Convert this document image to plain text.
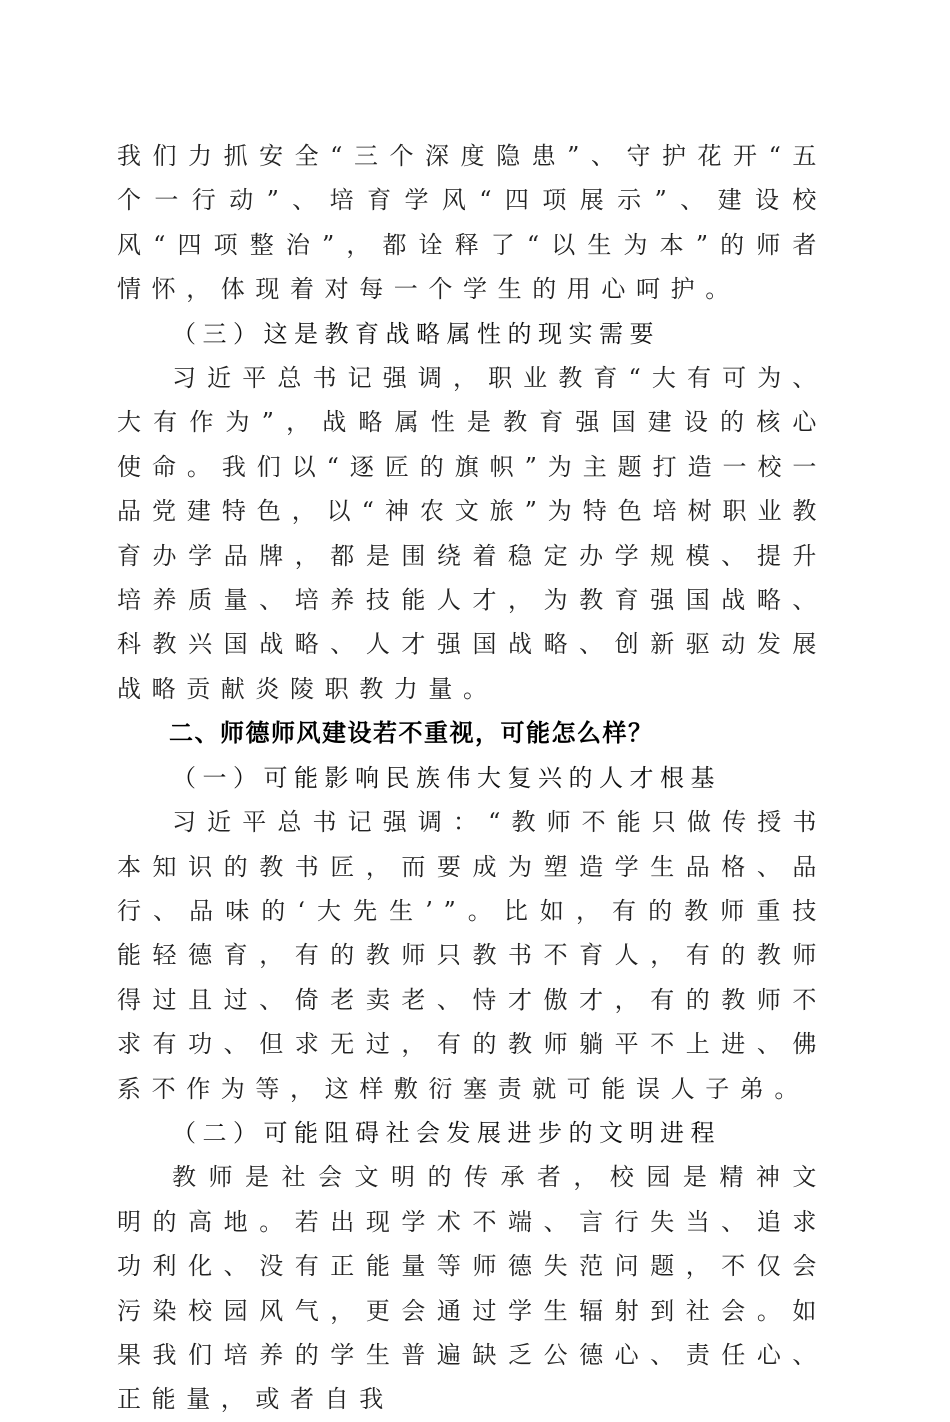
我们力抓安全“三个深度隐患”、守护花开“五个一行动”、培育学风“四项展示”、建设校风“四项整治”，都诠释了“以生为本”的师者情怀，体现着对每一个学生的用心呵护。

（三）这是教育战略属性的现实需要

习近平总书记强调，职业教育“大有可为、大有作为”，战略属性是教育强国建设的核心使命。我们以“逐匠的旗帜”为主题打造一校一品党建特色，以“神农文旅”为特色培树职业教育办学品牌，都是围绕着稳定办学规模、提升培养质量、培养技能人才，为教育强国战略、科教兴国战略、人才强国战略、创新驱动发展战略贡献炎陵职教力量。

二、师德师风建设若不重视，可能怎么样？

（一）可能影响民族伟大复兴的人才根基

习近平总书记强调：“教师不能只做传授书本知识的教书匠，而要成为塑造学生品格、品行、品味的‘大先生’”。比如，有的教师重技能轻德育，有的教师只教书不育人，有的教师得过且过、倚老卖老、恃才傲才，有的教师不求有功、但求无过，有的教师躺平不上进、佛系不作为等，这样敷衍塞责就可能误人子弟。

（二）可能阻碍社会发展进步的文明进程

教师是社会文明的传承者，校园是精神文明的高地。若出现学术不端、言行失当、追求功利化、没有正能量等师德失范问题，不仅会污染校园风气，更会通过学生辐射到社会。如果我们培养的学生普遍缺乏公德心、责任心、正能量，或者自我
